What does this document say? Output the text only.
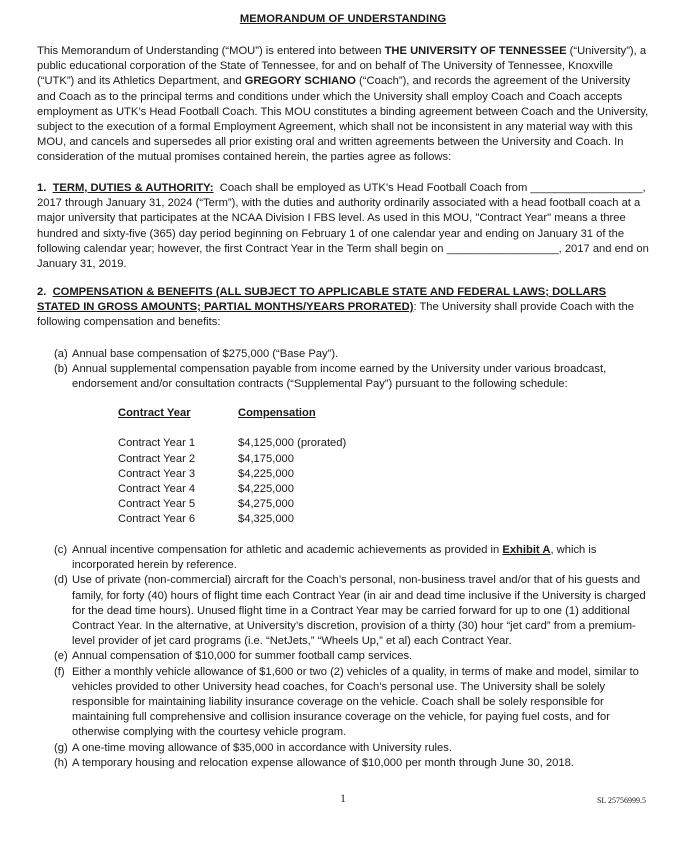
MEMORANDUM OF UNDERSTANDING
This Memorandum of Understanding (“MOU”) is entered into between THE UNIVERSITY OF TENNESSEE (“University”), a public educational corporation of the State of Tennessee, for and on behalf of The University of Tennessee, Knoxville (“UTK”) and its Athletics Department, and GREGORY SCHIANO (“Coach”), and records the agreement of the University and Coach as to the principal terms and conditions under which the University shall employ Coach and Coach accepts employment as UTK’s Head Football Coach. This MOU constitutes a binding agreement between Coach and the University, subject to the execution of a formal Employment Agreement, which shall not be inconsistent in any material way with this MOU, and cancels and supersedes all prior existing oral and written agreements between the University and Coach. In consideration of the mutual promises contained herein, the parties agree as follows:
1. TERM, DUTIES & AUTHORITY: Coach shall be employed as UTK’s Head Football Coach from __________________, 2017 through January 31, 2024 (“Term”), with the duties and authority ordinarily associated with a head football coach at a major university that participates at the NCAA Division I FBS level. As used in this MOU, "Contract Year" means a three hundred and sixty-five (365) day period beginning on February 1 of one calendar year and ending on January 31 of the following calendar year; however, the first Contract Year in the Term shall begin on __________________, 2017 and end on January 31, 2019.
2. COMPENSATION & BENEFITS (ALL SUBJECT TO APPLICABLE STATE AND FEDERAL LAWS; DOLLARS STATED IN GROSS AMOUNTS; PARTIAL MONTHS/YEARS PRORATED): The University shall provide Coach with the following compensation and benefits:
(a) Annual base compensation of $275,000 (“Base Pay”).
(b) Annual supplemental compensation payable from income earned by the University under various broadcast, endorsement and/or consultation contracts (“Supplemental Pay”) pursuant to the following schedule:
Contract Year	Compensation
Contract Year 1	$4,125,000 (prorated)
Contract Year 2	$4,175,000
Contract Year 3	$4,225,000
Contract Year 4	$4,225,000
Contract Year 5	$4,275,000
Contract Year 6	$4,325,000
(c) Annual incentive compensation for athletic and academic achievements as provided in Exhibit A, which is incorporated herein by reference.
(d) Use of private (non-commercial) aircraft for the Coach’s personal, non-business travel and/or that of his guests and family, for forty (40) hours of flight time each Contract Year (in air and dead time inclusive if the University is charged for the dead time hours). Unused flight time in a Contract Year may be carried forward for up to one (1) additional Contract Year. In the alternative, at University’s discretion, provision of a thirty (30) hour “jet card” from a premium-level provider of jet card programs (i.e. “NetJets,” “Wheels Up,” et al) each Contract Year.
(e) Annual compensation of $10,000 for summer football camp services.
(f) Either a monthly vehicle allowance of $1,600 or two (2) vehicles of a quality, in terms of make and model, similar to vehicles provided to other University head coaches, for Coach’s personal use. The University shall be solely responsible for maintaining liability insurance coverage on the vehicle. Coach shall be solely responsible for maintaining full comprehensive and collision insurance coverage on the vehicle, for paying fuel costs, and for otherwise complying with the courtesy vehicle program.
(g) A one-time moving allowance of $35,000 in accordance with University rules.
(h) A temporary housing and relocation expense allowance of $10,000 per month through June 30, 2018.
1	SL 25756999.5
